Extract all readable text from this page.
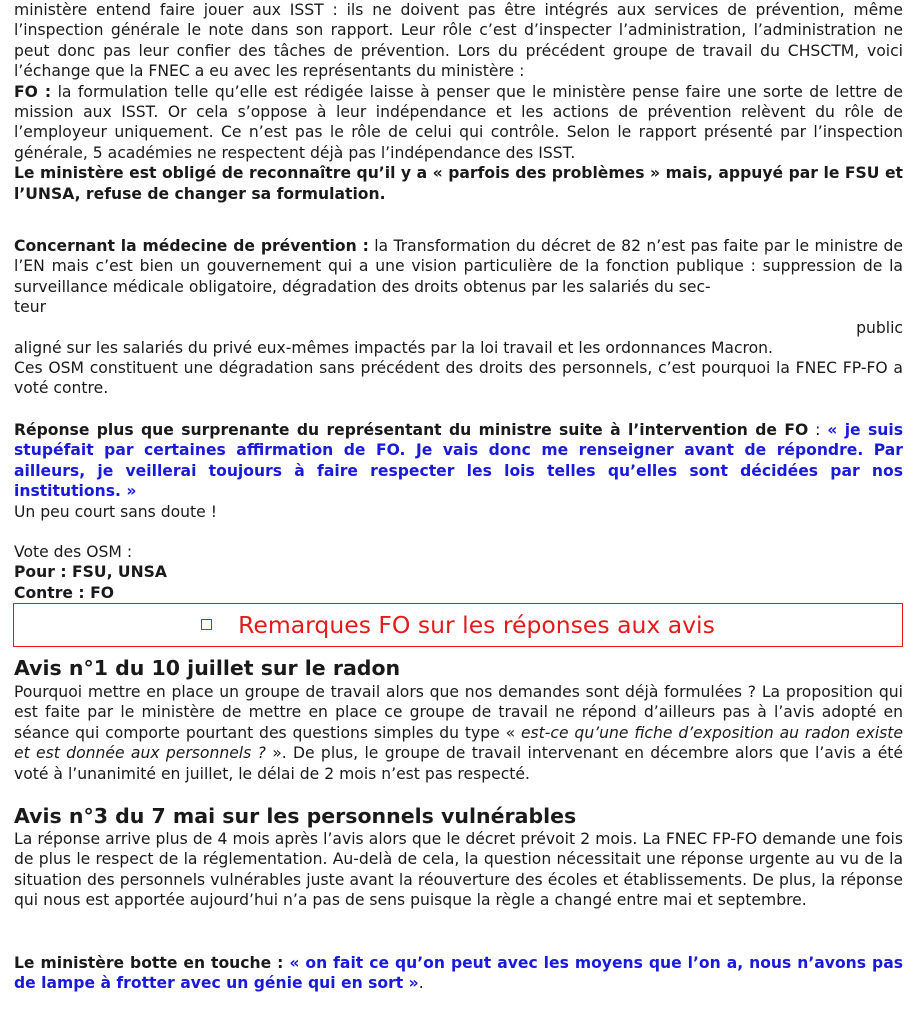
ministère entend faire jouer aux ISST : ils ne doivent pas être intégrés aux services de prévention, même l’inspection générale le note dans son rapport. Leur rôle c’est d’inspecter l’administration, l’administration ne peut donc pas leur confier des tâches de prévention. Lors du précédent groupe de travail du CHSCTM, voici l’échange que la FNEC a eu avec les représentants du ministère :
FO : la formulation telle qu’elle est rédigée laisse à penser que le ministère pense faire une sorte de lettre de mission aux ISST. Or cela s’oppose à leur indépendance et les actions de prévention relèvent du rôle de l’employeur uniquement. Ce n’est pas le rôle de celui qui contrôle. Selon le rapport présenté par l’inspection générale, 5 académies ne respectent déjà pas l’indépendance des ISST.
Le ministère est obligé de reconnaître qu’il y a « parfois des problèmes » mais, appuyé par le FSU et l’UNSA, refuse de changer sa formulation.

Concernant la médecine de prévention : la Transformation du décret de 82 n’est pas faite par le ministre de l’EN mais c’est bien un gouvernement qui a une vision particulière de la fonction publique : suppression de la surveillance médicale obligatoire, dégradation des droits obtenus par les salariés du sec-
teur
public
aligné sur les salariés du privé eux-mêmes impactés par la loi travail et les ordonnances Macron.

Ces OSM constituent une dégradation sans précédent des droits des personnels, c’est pourquoi la FNEC FP-FO a voté contre.

Réponse plus que surprenante du représentant du ministre suite à l’intervention de FO : « je suis stupéfait par certaines affirmation de FO. Je vais donc me renseigner avant de répondre. Par ailleurs, je veillerai toujours à faire respecter les lois telles qu’elles sont décidées par nos institutions. »
Un peu court sans doute !

Vote des OSM :
Pour : FSU, UNSA
Contre : FO
Remarques FO sur les réponses aux avis
Avis n°1 du 10 juillet sur le radon

Pourquoi mettre en place un groupe de travail alors que nos demandes sont déjà formulées ? La proposition qui est faite par le ministère de mettre en place ce groupe de travail ne répond d’ailleurs pas à l’avis adopté en séance qui comporte pourtant des questions simples du type « est-ce qu’une fiche d’exposition au radon existe et est donnée aux personnels ? ». De plus, le groupe de travail intervenant en décembre alors que l’avis a été voté à l’unanimité en juillet, le délai de 2 mois n’est pas respecté.

Avis n°3 du 7 mai sur les personnels vulnérables

La réponse arrive plus de 4 mois après l’avis alors que le décret prévoit 2 mois. La FNEC FP-FO demande une fois de plus le respect de la réglementation. Au-delà de cela, la question nécessitait une réponse urgente au vu de la situation des personnels vulnérables juste avant la réouverture des écoles et établissements. De plus, la réponse qui nous est apportée aujourd’hui n’a pas de sens puisque la règle a changé entre mai et septembre.

Le ministère botte en touche : « on fait ce qu’on peut avec les moyens que l’on a, nous n’avons pas de lampe à frotter avec un génie qui en sort ».
